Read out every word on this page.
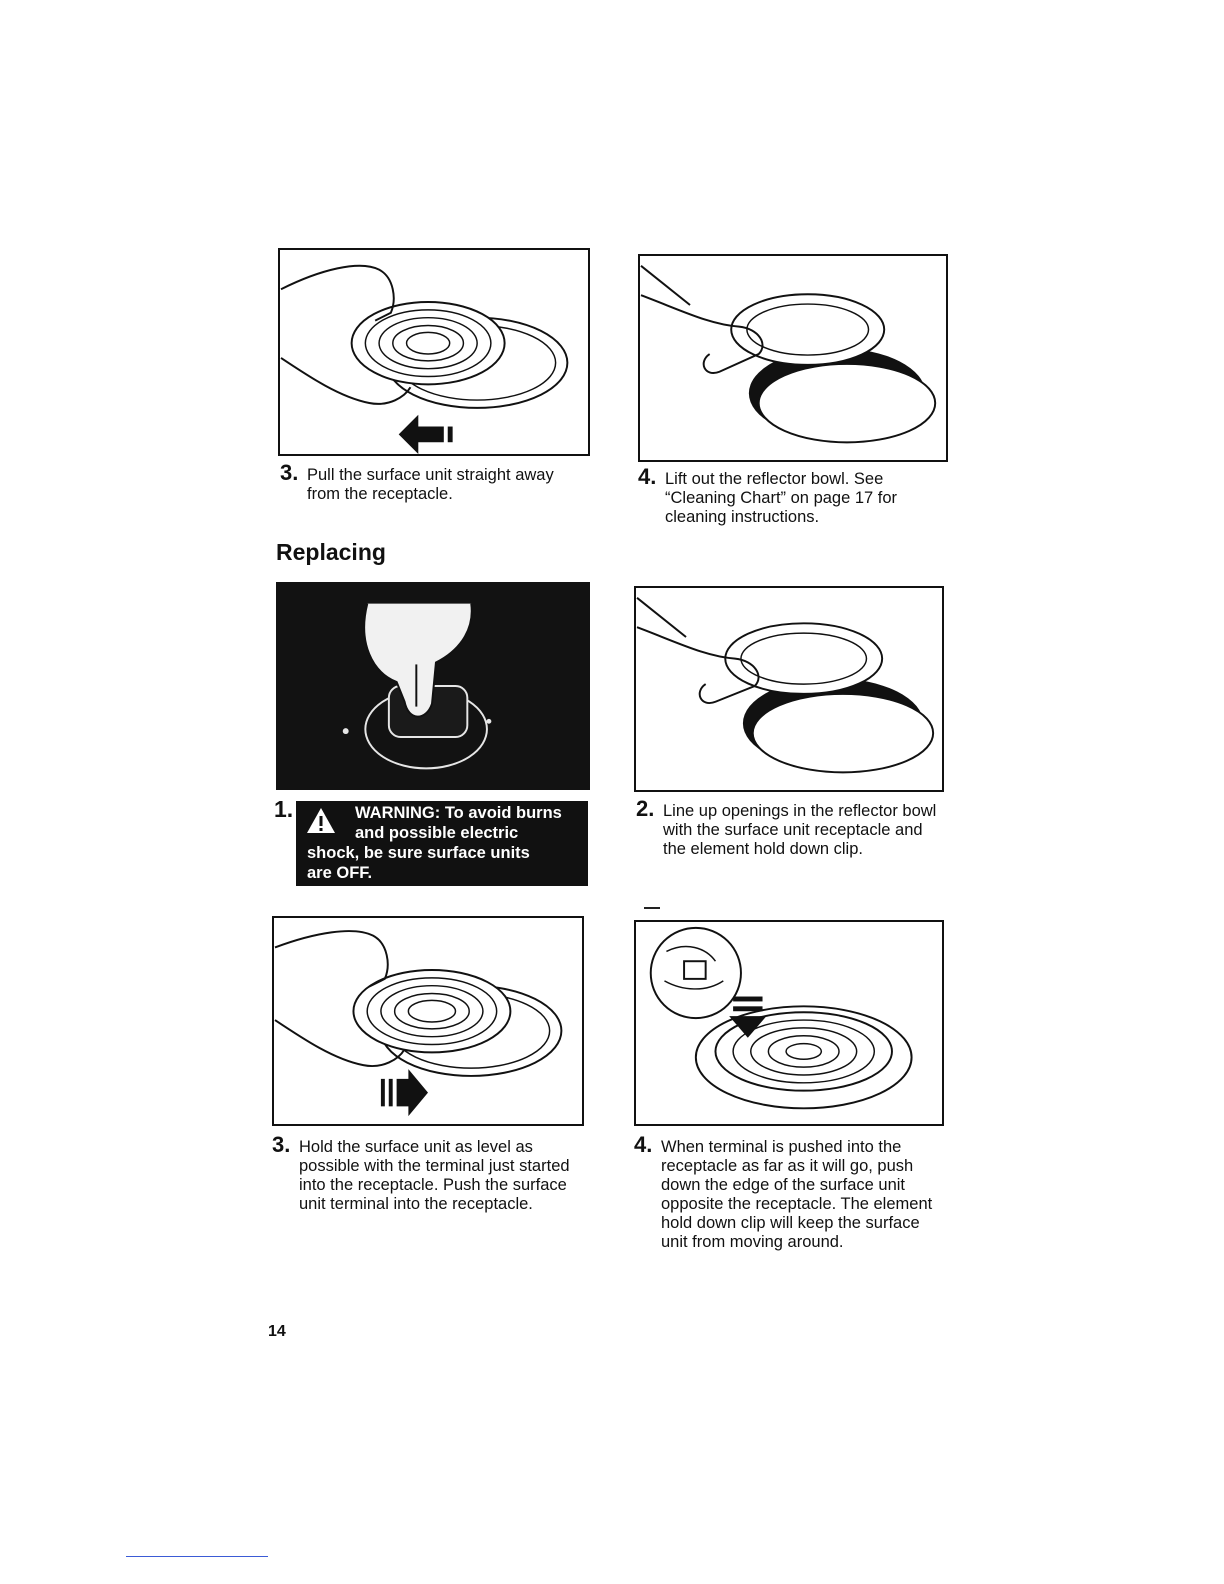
3. Pull the surface unit straight away from the receptacle.
4. Lift out the reflector bowl. See “Cleaning Chart” on page 17 for cleaning instructions.
Replacing
1.	WARNING: To avoid burns
and possible electric
shock, be sure surface units
are OFF.
2. Line up openings in the reflector bowl with the surface unit receptacle and the element hold down clip.
3. Hold the surface unit as level as possible with the terminal just started into the receptacle. Push the surface unit terminal into the receptacle.
4. When terminal is pushed into the receptacle as far as it will go, push down the edge of the surface unit opposite the receptacle. The element hold down clip will keep the surface unit from moving around.
14
